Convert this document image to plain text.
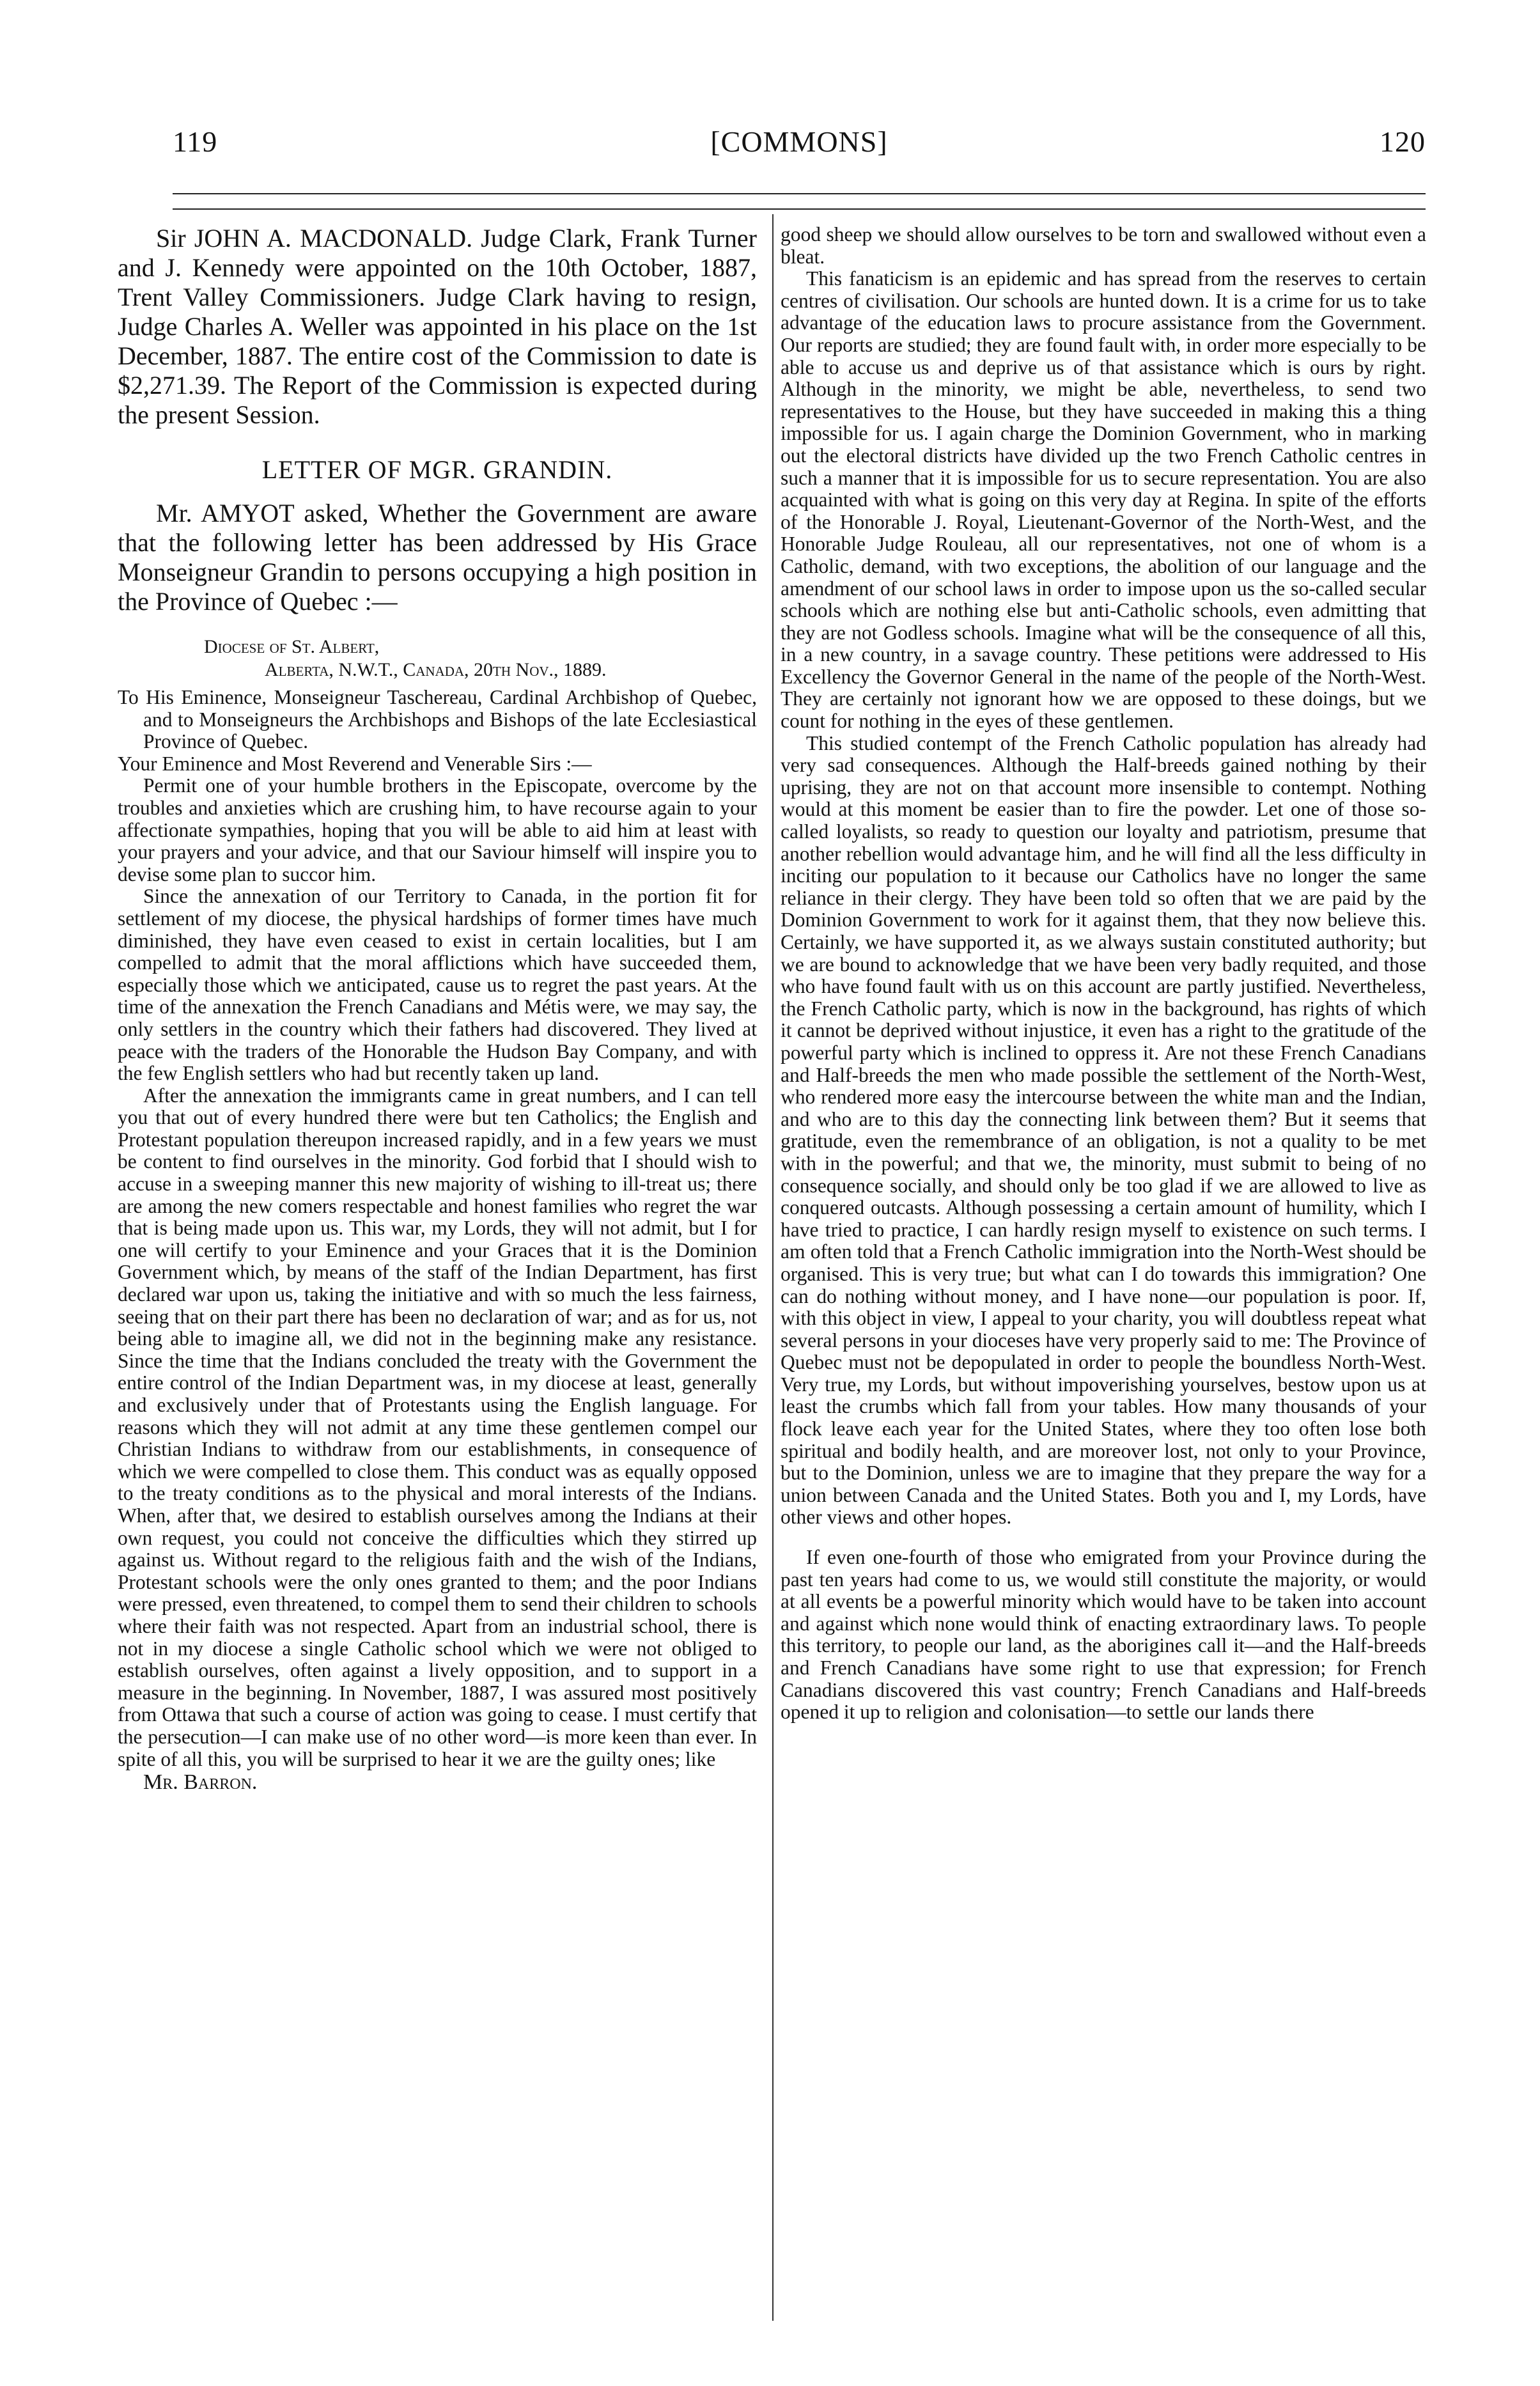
119	[COMMONS]	120

Sir JOHN A. MACDONALD. Judge Clark, Frank Turner and J. Kennedy were appointed on the 10th October, 1887, Trent Valley Commissioners. Judge Clark having to resign, Judge Charles A. Weller was appointed in his place on the 1st December, 1887. The entire cost of the Commission to date is $2,271.39. The Report of the Commission is expected during the present Session.

LETTER OF MGR. GRANDIN.

Mr. AMYOT asked, Whether the Government are aware that the following letter has been addressed by His Grace Monseigneur Grandin to persons occupying a high position in the Province of Quebec :—

Diocese of St. Albert,
Alberta, N.W.T., Canada, 20th Nov., 1889.

To His Eminence, Monseigneur Taschereau, Cardinal Archbishop of Quebec, and to Monseigneurs the Archbishops and Bishops of the late Ecclesiastical Province of Quebec.

Your Eminence and Most Reverend and Venerable Sirs :—

Permit one of your humble brothers in the Episcopate, overcome by the troubles and anxieties which are crushing him, to have recourse again to your affectionate sympathies, hoping that you will be able to aid him at least with your prayers and your advice, and that our Saviour himself will inspire you to devise some plan to succor him.

Since the annexation of our Territory to Canada, in the portion fit for settlement of my diocese, the physical hardships of former times have much diminished, they have even ceased to exist in certain localities, but I am compelled to admit that the moral afflictions which have succeeded them, especially those which we anticipated, cause us to regret the past years. At the time of the annexation the French Canadians and Métis were, we may say, the only settlers in the country which their fathers had discovered. They lived at peace with the traders of the Honorable the Hudson Bay Company, and with the few English settlers who had but recently taken up land.

After the annexation the immigrants came in great numbers, and I can tell you that out of every hundred there were but ten Catholics; the English and Protestant population thereupon increased rapidly, and in a few years we must be content to find ourselves in the minority. God forbid that I should wish to accuse in a sweeping manner this new majority of wishing to ill-treat us; there are among the new comers respectable and honest families who regret the war that is being made upon us. This war, my Lords, they will not admit, but I for one will certify to your Eminence and your Graces that it is the Dominion Government which, by means of the staff of the Indian Department, has first declared war upon us, taking the initiative and with so much the less fairness, seeing that on their part there has been no declaration of war; and as for us, not being able to imagine all, we did not in the beginning make any resistance. Since the time that the Indians concluded the treaty with the Government the entire control of the Indian Department was, in my diocese at least, generally and exclusively under that of Protestants using the English language. For reasons which they will not admit at any time these gentlemen compel our Christian Indians to withdraw from our establishments, in consequence of which we were compelled to close them. This conduct was as equally opposed to the treaty conditions as to the physical and moral interests of the Indians. When, after that, we desired to establish ourselves among the Indians at their own request, you could not conceive the difficulties which they stirred up against us. Without regard to the religious faith and the wish of the Indians, Protestant schools were the only ones granted to them; and the poor Indians were pressed, even threatened, to compel them to send their children to schools where their faith was not respected. Apart from an industrial school, there is not in my diocese a single Catholic school which we were not obliged to establish ourselves, often against a lively opposition, and to support in a measure in the beginning. In November, 1887, I was assured most positively from Ottawa that such a course of action was going to cease. I must certify that the persecution—I can make use of no other word—is more keen than ever. In spite of all this, you will be surprised to hear it we are the guilty ones; like

Mr. Barron.

good sheep we should allow ourselves to be torn and swallowed without even a bleat.

This fanaticism is an epidemic and has spread from the reserves to certain centres of civilisation. Our schools are hunted down. It is a crime for us to take advantage of the education laws to procure assistance from the Government. Our reports are studied; they are found fault with, in order more especially to be able to accuse us and deprive us of that assistance which is ours by right. Although in the minority, we might be able, nevertheless, to send two representatives to the House, but they have succeeded in making this a thing impossible for us. I again charge the Dominion Government, who in marking out the electoral districts have divided up the two French Catholic centres in such a manner that it is impossible for us to secure representation. You are also acquainted with what is going on this very day at Regina. In spite of the efforts of the Honorable J. Royal, Lieutenant-Governor of the North-West, and the Honorable Judge Rouleau, all our representatives, not one of whom is a Catholic, demand, with two exceptions, the abolition of our language and the amendment of our school laws in order to impose upon us the so-called secular schools which are nothing else but anti-Catholic schools, even admitting that they are not Godless schools. Imagine what will be the consequence of all this, in a new country, in a savage country. These petitions were addressed to His Excellency the Governor General in the name of the people of the North-West. They are certainly not ignorant how we are opposed to these doings, but we count for nothing in the eyes of these gentlemen.

This studied contempt of the French Catholic population has already had very sad consequences. Although the Half-breeds gained nothing by their uprising, they are not on that account more insensible to contempt. Nothing would at this moment be easier than to fire the powder. Let one of those so-called loyalists, so ready to question our loyalty and patriotism, presume that another rebellion would advantage him, and he will find all the less difficulty in inciting our population to it because our Catholics have no longer the same reliance in their clergy. They have been told so often that we are paid by the Dominion Government to work for it against them, that they now believe this. Certainly, we have supported it, as we always sustain constituted authority; but we are bound to acknowledge that we have been very badly requited, and those who have found fault with us on this account are partly justified. Nevertheless, the French Catholic party, which is now in the background, has rights of which it cannot be deprived without injustice, it even has a right to the gratitude of the powerful party which is inclined to oppress it. Are not these French Canadians and Half-breeds the men who made possible the settlement of the North-West, who rendered more easy the intercourse between the white man and the Indian, and who are to this day the connecting link between them? But it seems that gratitude, even the remembrance of an obligation, is not a quality to be met with in the powerful; and that we, the minority, must submit to being of no consequence socially, and should only be too glad if we are allowed to live as conquered outcasts. Although possessing a certain amount of humility, which I have tried to practice, I can hardly resign myself to existence on such terms. I am often told that a French Catholic immigration into the North-West should be organised. This is very true; but what can I do towards this immigration? One can do nothing without money, and I have none—our population is poor. If, with this object in view, I appeal to your charity, you will doubtless repeat what several persons in your dioceses have very properly said to me: The Province of Quebec must not be depopulated in order to people the boundless North-West. Very true, my Lords, but without impoverishing yourselves, bestow upon us at least the crumbs which fall from your tables. How many thousands of your flock leave each year for the United States, where they too often lose both spiritual and bodily health, and are moreover lost, not only to your Province, but to the Dominion, unless we are to imagine that they prepare the way for a union between Canada and the United States. Both you and I, my Lords, have other views and other hopes.

If even one-fourth of those who emigrated from your Province during the past ten years had come to us, we would still constitute the majority, or would at all events be a powerful minority which would have to be taken into account and against which none would think of enacting extraordinary laws. To people this territory, to people our land, as the aborigines call it—and the Half-breeds and French Canadians have some right to use that expression; for French Canadians discovered this vast country; French Canadians and Half-breeds opened it up to religion and colonisation—to settle our lands there
